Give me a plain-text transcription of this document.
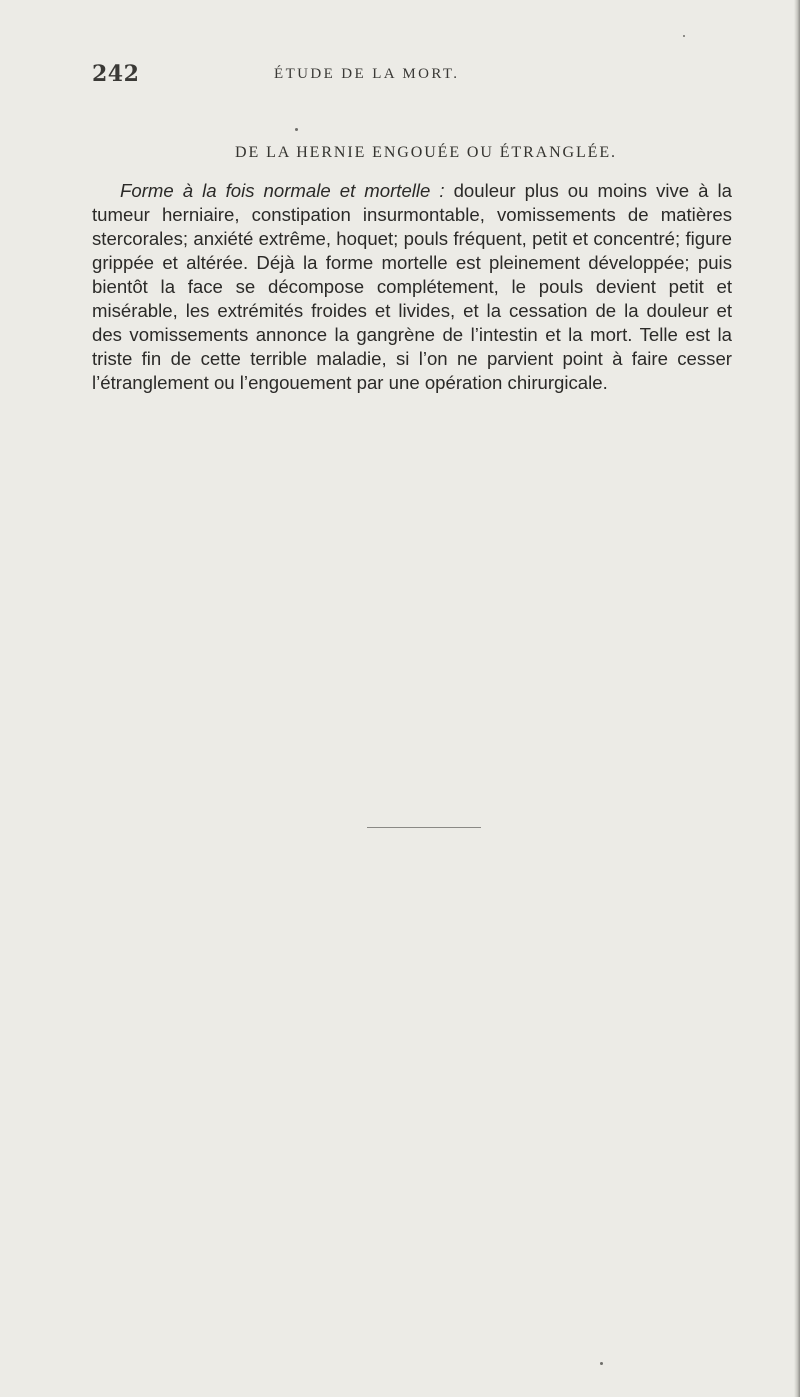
242	ÉTUDE DE LA MORT.
DE LA HERNIE ENGOUÉE OU ÉTRANGLÉE.

Forme à la fois normale et mortelle : douleur plus ou moins vive à la tumeur herniaire, constipation insurmontable, vomissements de matières stercorales; anxiété extrême, hoquet; pouls fréquent, petit et concentré; figure grippée et altérée. Déjà la forme mortelle est pleinement développée; puis bientôt la face se décompose complétement, le pouls devient petit et misérable, les extrémités froides et livides, et la cessation de la douleur et des vomissements annonce la gangrène de l’intestin et la mort. Telle est la triste fin de cette terrible maladie, si l’on ne parvient point à faire cesser l’étranglement ou l’engouement par une opération chirurgicale.
